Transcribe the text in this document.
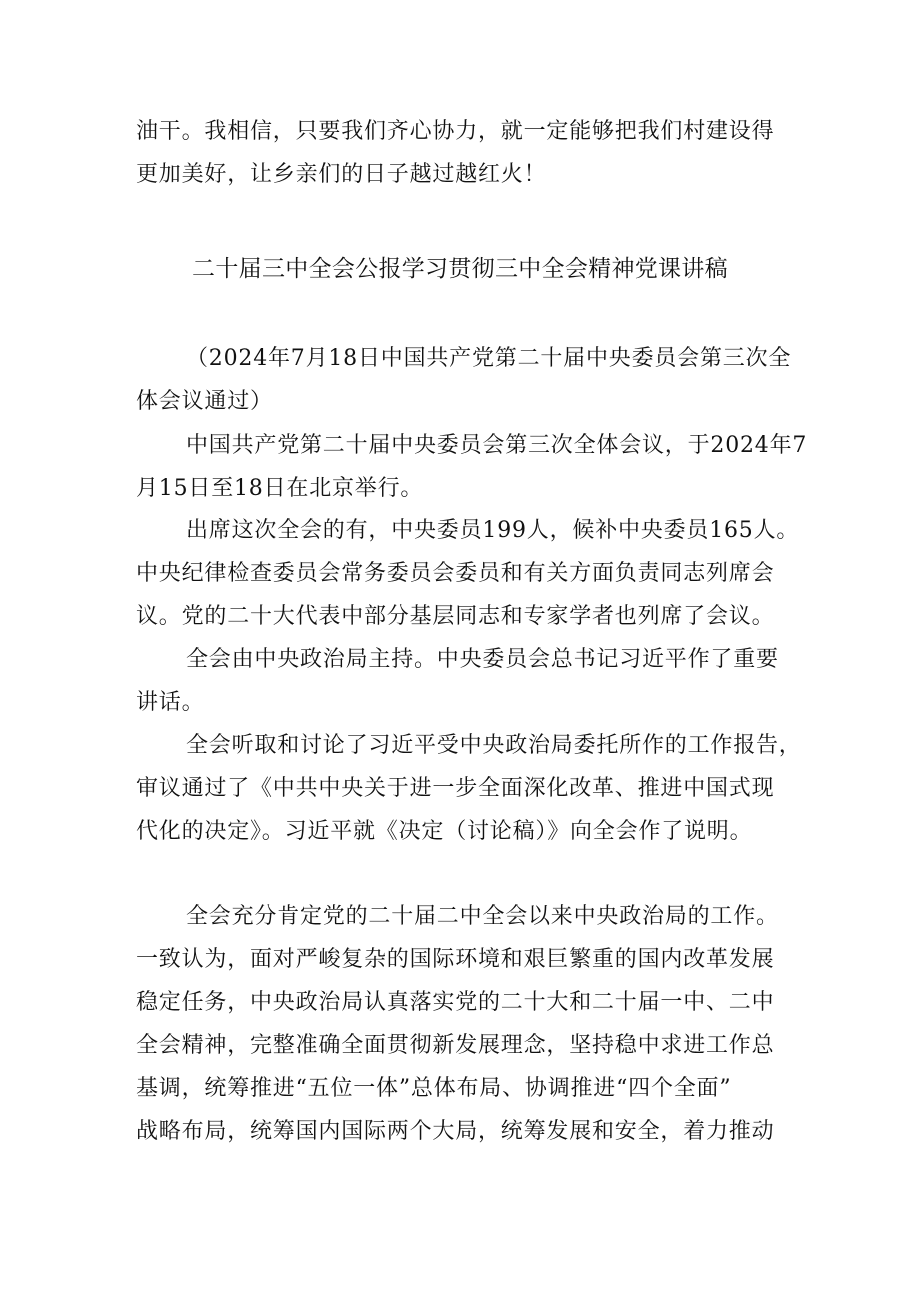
油干。我相信，只要我们齐心协力，就一定能够把我们村建设得
更加美好，让乡亲们的日子越过越红火！
二十届三中全会公报学习贯彻三中全会精神党课讲稿
（2024年7月18日中国共产党第二十届中央委员会第三次全
体会议通过）
中国共产党第二十届中央委员会第三次全体会议，于2024年7
月15日至18日在北京举行。
出席这次全会的有，中央委员199人，候补中央委员165人。
中央纪律检查委员会常务委员会委员和有关方面负责同志列席会
议。党的二十大代表中部分基层同志和专家学者也列席了会议。
全会由中央政治局主持。中央委员会总书记习近平作了重要
讲话。
全会听取和讨论了习近平受中央政治局委托所作的工作报告，
审议通过了《中共中央关于进一步全面深化改革、推进中国式现
代化的决定》。习近平就《决定（讨论稿）》向全会作了说明。
全会充分肯定党的二十届二中全会以来中央政治局的工作。
一致认为，面对严峻复杂的国际环境和艰巨繁重的国内改革发展
稳定任务，中央政治局认真落实党的二十大和二十届一中、二中
全会精神，完整准确全面贯彻新发展理念，坚持稳中求进工作总
基调，统筹推进“五位一体”总体布局、协调推进“四个全面”
战略布局，统筹国内国际两个大局，统筹发展和安全，着力推动
